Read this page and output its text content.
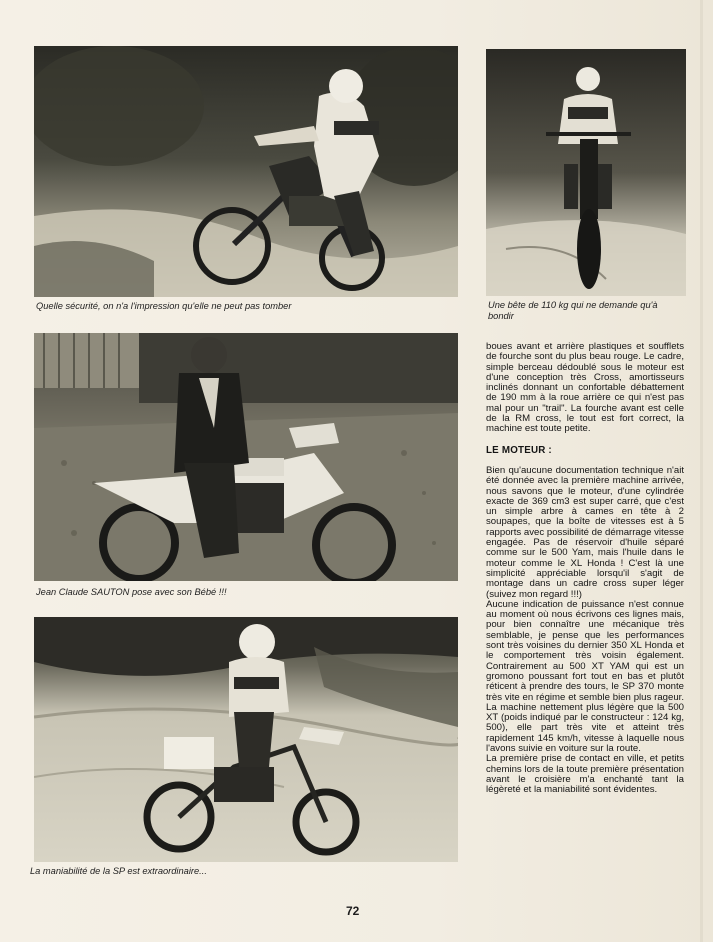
Quelle sécurité, on n'a l'impression qu'elle ne peut pas tomber	Une bête de 110 kg qui ne demande qu'à
bondir
Jean Claude SAUTON pose avec son Bébé !!!
La maniabilité de la SP est extraordinaire...

boues avant et arrière plastiques et soufflets de fourche sont du plus beau rouge. Le cadre, simple berceau dédoublé sous le moteur est d'une conception très Cross, amortisseurs inclinés donnant un confortable débattement de 190 mm à la roue arrière ce qui n'est pas mal pour un "trail". La fourche avant est celle de la RM cross, le tout est fort correct, la machine est toute petite.

LE MOTEUR :

Bien qu'aucune documentation technique n'ait été donnée avec la première machine arrivée, nous savons que le moteur, d'une cylindrée exacte de 369 cm3 est super carré, que c'est un simple arbre à cames en tête à 2 soupapes, que la boîte de vitesses est à 5 rapports avec possibilité de démarrage vitesse engagée. Pas de réservoir d'huile séparé comme sur le 500 Yam, mais l'huile dans le moteur comme le XL Honda ! C'est là une simplicité appréciable lorsqu'il s'agit de montage dans un cadre cross super léger (suivez mon regard !!!)

Aucune indication de puissance n'est connue au moment où nous écrivons ces lignes mais, pour bien connaître une mécanique très semblable, je pense que les performances sont très voisines du dernier 350 XL Honda et le comportement très voisin également. Contrairement au 500 XT YAM qui est un gromono poussant fort tout en bas et plutôt réticent à prendre des tours, le SP 370 monte très vite en régime et semble bien plus rageur. La machine nettement plus légère que la 500 XT (poids indiqué par le constructeur : 124 kg, 500), elle part très vite et atteint très rapidement 145 km/h, vitesse à laquelle nous l'avons suivie en voiture sur la route.

La première prise de contact en ville, et petits chemins lors de la toute première présentation avant le croisière m'a enchanté tant la légèreté et la maniabilité sont évidentes.

72
